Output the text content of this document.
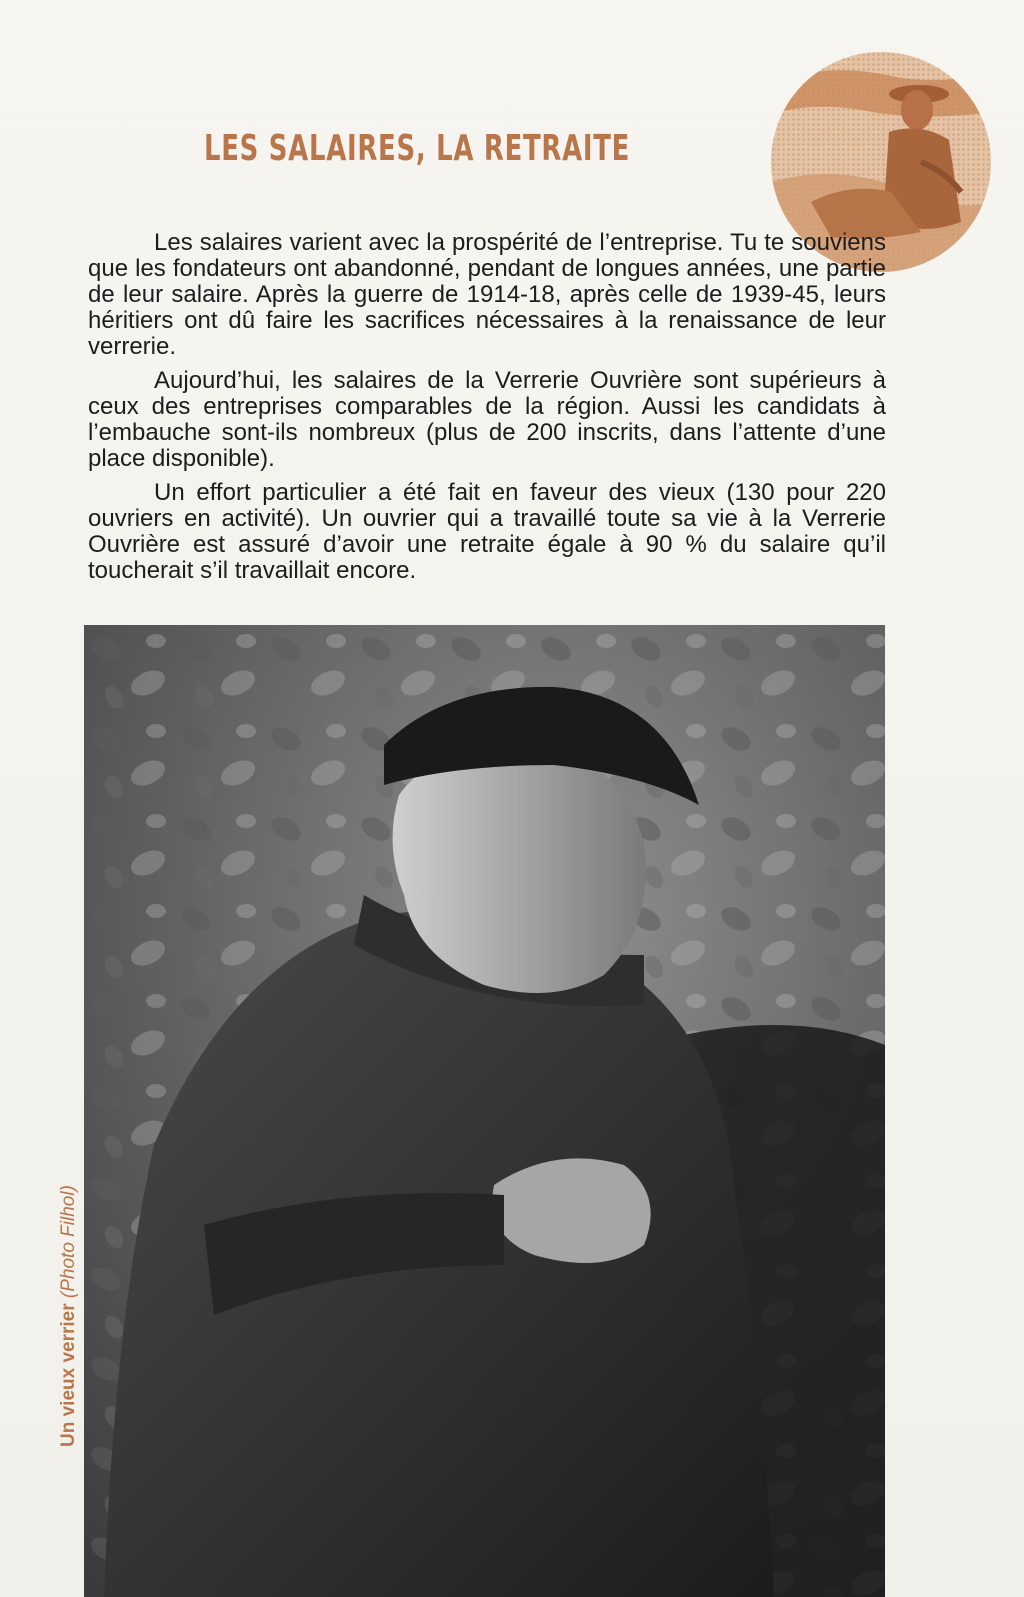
LES SALAIRES, LA RETRAITE

Les salaires varient avec la prospérité de l’entreprise. Tu te souviens que les fondateurs ont abandonné, pendant de longues années, une partie de leur salaire. Après la guerre de 1914-18, après celle de 1939-45, leurs héritiers ont dû faire les sacrifices nécessaires à la renaissance de leur verrerie.

Aujourd’hui, les salaires de la Verrerie Ouvrière sont supérieurs à ceux des entreprises comparables de la région. Aussi les candidats à l’embauche sont-ils nombreux (plus de 200 inscrits, dans l’attente d’une place disponible).

Un effort particulier a été fait en faveur des vieux (130 pour 220 ouvriers en activité). Un ouvrier qui a travaillé toute sa vie à la Verrerie Ouvrière est assuré d’avoir une retraite égale à 90 % du salaire qu’il toucherait s’il travaillait encore.

Un vieux verrier (Photo Filhol)
